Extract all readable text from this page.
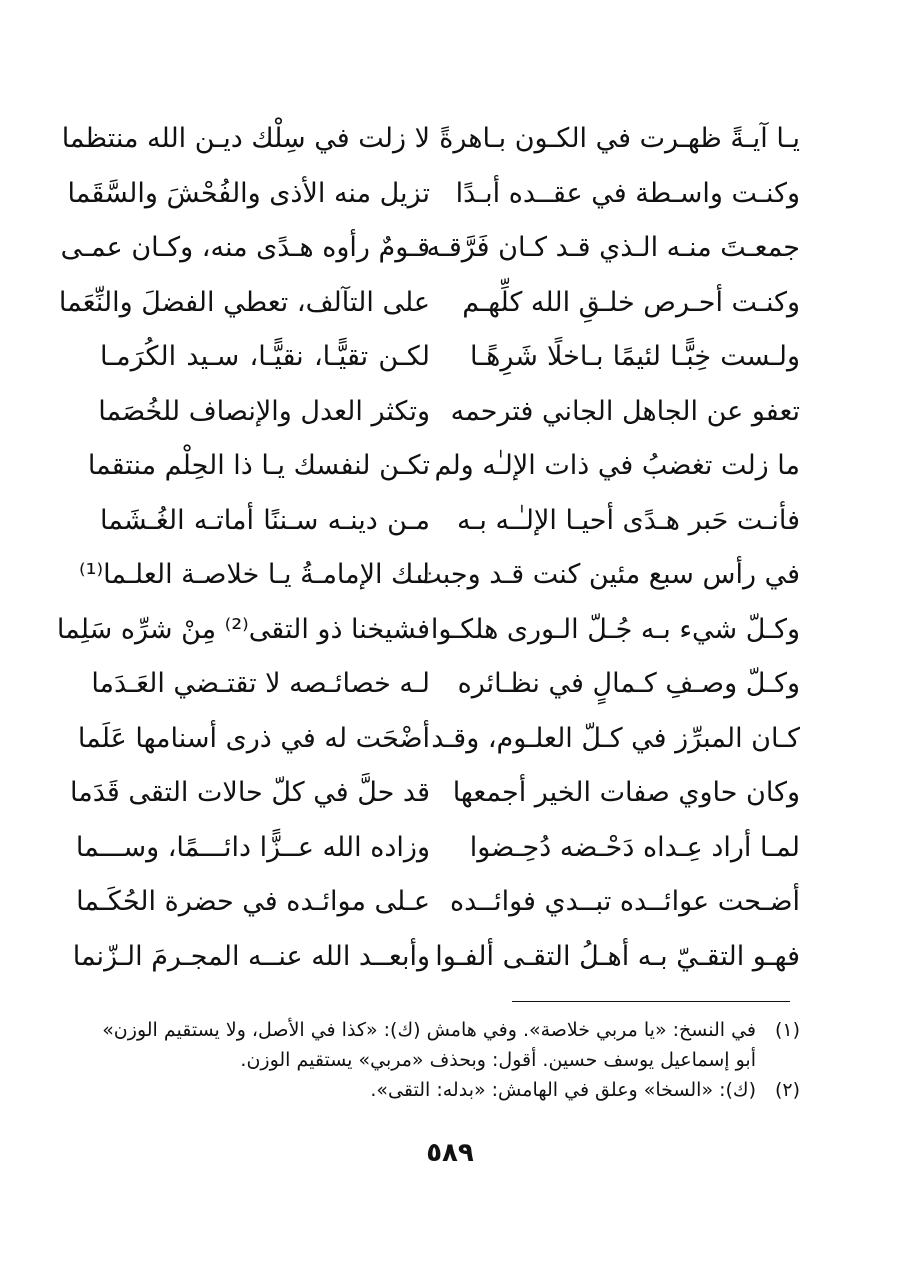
يـا آيـةً ظهـرت في الكـون بـاهرةً
لا زلت في سِلْك ديـن الله منتظما
وكنـت واسـطة في عقــده أبـدًا
تزيل منه الأذى والفُحْشَ والسَّقَما
جمعـتَ منـه الـذي قـد كـان فَرَّقـه
قـومٌ رأوه هـدًى منه، وكـان عمـى
وكنـت أحـرص خلـقِ الله كلِّهـم
على التآلف، تعطي الفضلَ والنِّعَما
ولـست خِبًّـا لئيمًا بـاخلًا شَرِهًـا
لكـن تقيًّـا، نقيًّـا، سـيد الكُرَمـا
تعفو عن الجاهل الجاني فترحمه
وتكثر العدل والإنصاف للخُصَما
ما زلت تغضبُ في ذات الإلـٰه ولم
تكـن لنفسك يـا ذا الحِلْم منتقما
فأنـت حَبر هـدًى أحيـا الإلـٰـه بـه
مـن دينـه سـننًا أماتـه الغُـشَما
في رأس سبع مئين كنت قـد وجبت
لـك الإمامـةُ يـا خلاصـة العلـما⁽¹⁾
وكـلّ شيء بـه جُـلّ الـورى هلكـوا
فشيخنا ذو التقى⁽²⁾ مِنْ شرِّه سَلِما
وكـلّ وصـفِ كـمالٍ في نظـائره
لـه خصائـصه لا تقتـضي العَـدَما
كـان المبرِّز في كـلّ العلـوم، وقـد
أضْحَت له في ذرى أسنامها عَلَما
وكان حاوي صفات الخير أجمعها
قد حلَّ في كلّ حالات التقى قَدَما
لمـا أراد عِـداه دَحْـضه دُحِـضوا
وزاده الله عــزًّا دائـــمًا، وســـما
أضـحت عوائــده تبــدي فوائــده
عـلى موائـده في حضرة الحُكَـما
فهـو التقـيّ بـه أهـلُ التقـى ألفـوا
وأبعــد الله عنــه المجـرمَ الـزّنما
(١)في النسخ: «يا مربي خلاصة». وفي هامش (ك): «كذا في الأصل، ولا يستقيم الوزن»
أبو إسماعيل يوسف حسين. أقول: وبحذف «مربي» يستقيم الوزن.
(٢)(ك): «السخا» وعلق في الهامش: «بدله: التقى».
٥٨٩
